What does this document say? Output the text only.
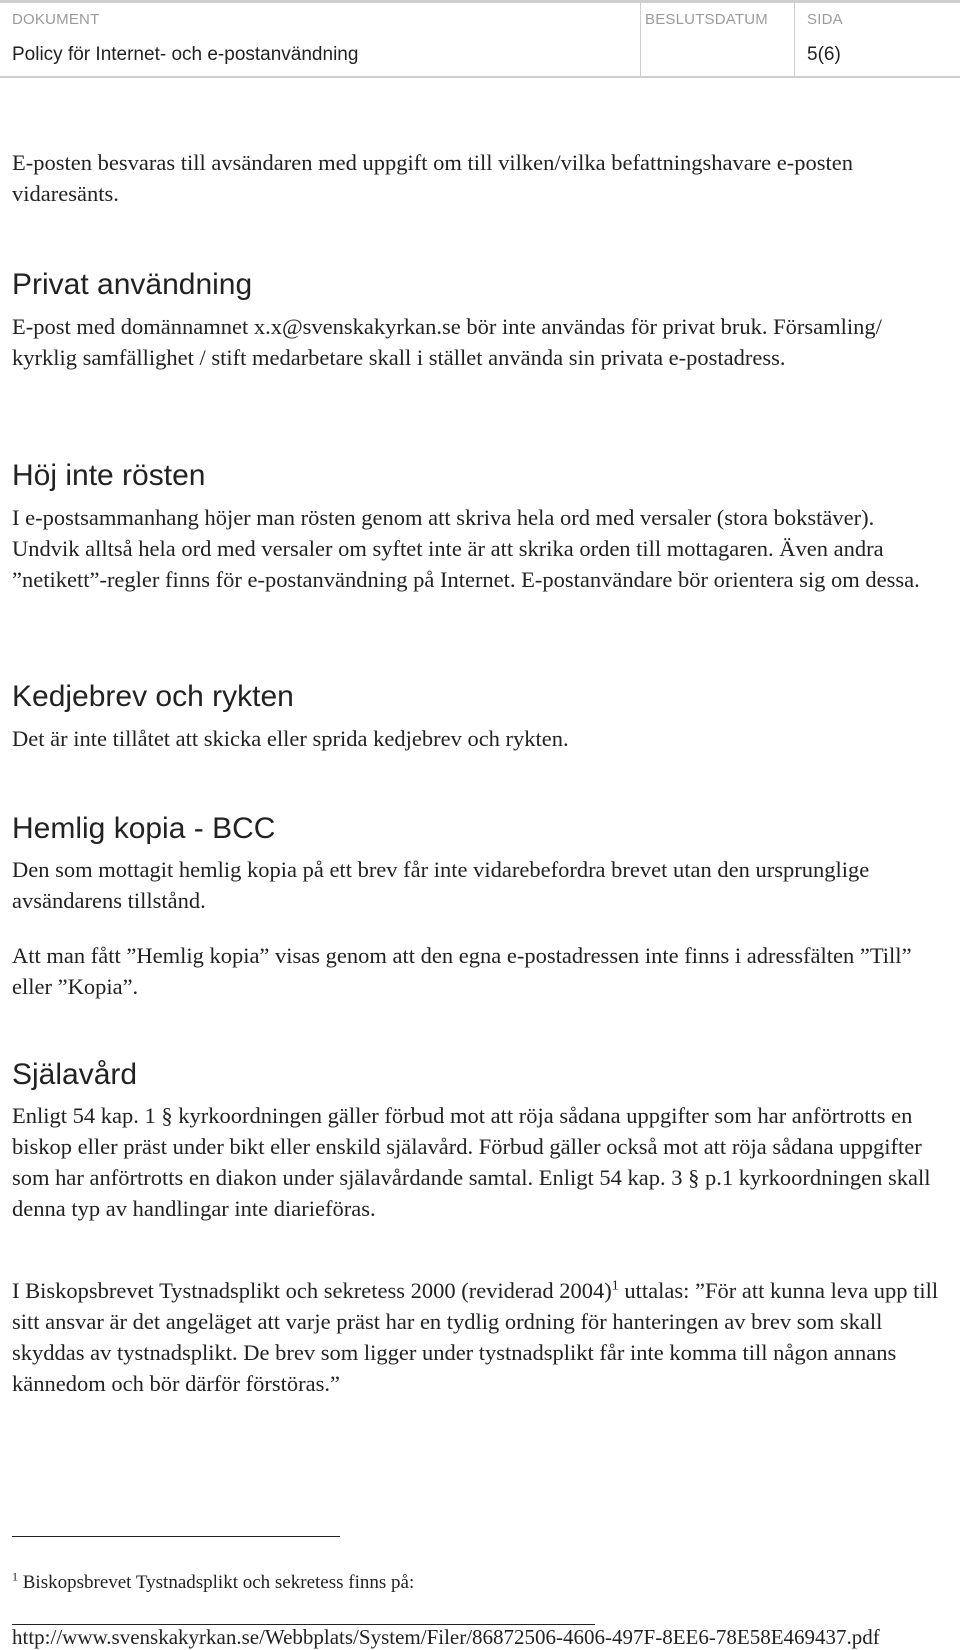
DOKUMENT
Policy för Internet- och e-postanvändning
BESLUTSDATUM	SIDA
5(6)

E-posten besvaras till avsändaren med uppgift om till vilken/vilka befattningshavare e-posten vidaresänts.

Privat användning

E-post med domännamnet x.x@svenskakyrkan.se bör inte användas för privat bruk. Församling/ kyrklig samfällighet / stift medarbetare skall i stället använda sin privata e-postadress.

Höj inte rösten

I e-postsammanhang höjer man rösten genom att skriva hela ord med versaler (stora bokstäver). Undvik alltså hela ord med versaler om syftet inte är att skrika orden till mottagaren. Även andra ”netikett”-regler finns för e-postanvändning på Internet. E-postanvändare bör orientera sig om dessa.

Kedjebrev och rykten

Det är inte tillåtet att skicka eller sprida kedjebrev och rykten.

Hemlig kopia - BCC

Den som mottagit hemlig kopia på ett brev får inte vidarebefordra brevet utan den ursprunglige avsändarens tillstånd.

Att man fått ”Hemlig kopia” visas genom att den egna e-postadressen inte finns i adressfälten ”Till” eller ”Kopia”.

Själavård

Enligt 54 kap. 1 § kyrkoordningen gäller förbud mot att röja sådana uppgifter som har anförtrotts en biskop eller präst under bikt eller enskild själavård. Förbud gäller också mot att röja sådana uppgifter som har anförtrotts en diakon under själavårdande samtal. Enligt 54 kap. 3 § p.1 kyrkoordningen skall denna typ av handlingar inte diarieföras.

I Biskopsbrevet Tystnadsplikt och sekretess 2000 (reviderad 2004)$^1$ uttalas: ”För att kunna leva upp till sitt ansvar är det angeläget att varje präst har en tydlig ordning för hanteringen av brev som skall skyddas av tystnadsplikt. De brev som ligger under tystnadsplikt får inte komma till någon annans kännedom och bör därför förstöras.”

$^1$ Biskopsbrevet Tystnadsplikt och sekretess finns på:
http://www.svenskakyrkan.se/Webbplats/System/Filer/86872506-4606-497F-8EE6-78E58E469437.pdf
